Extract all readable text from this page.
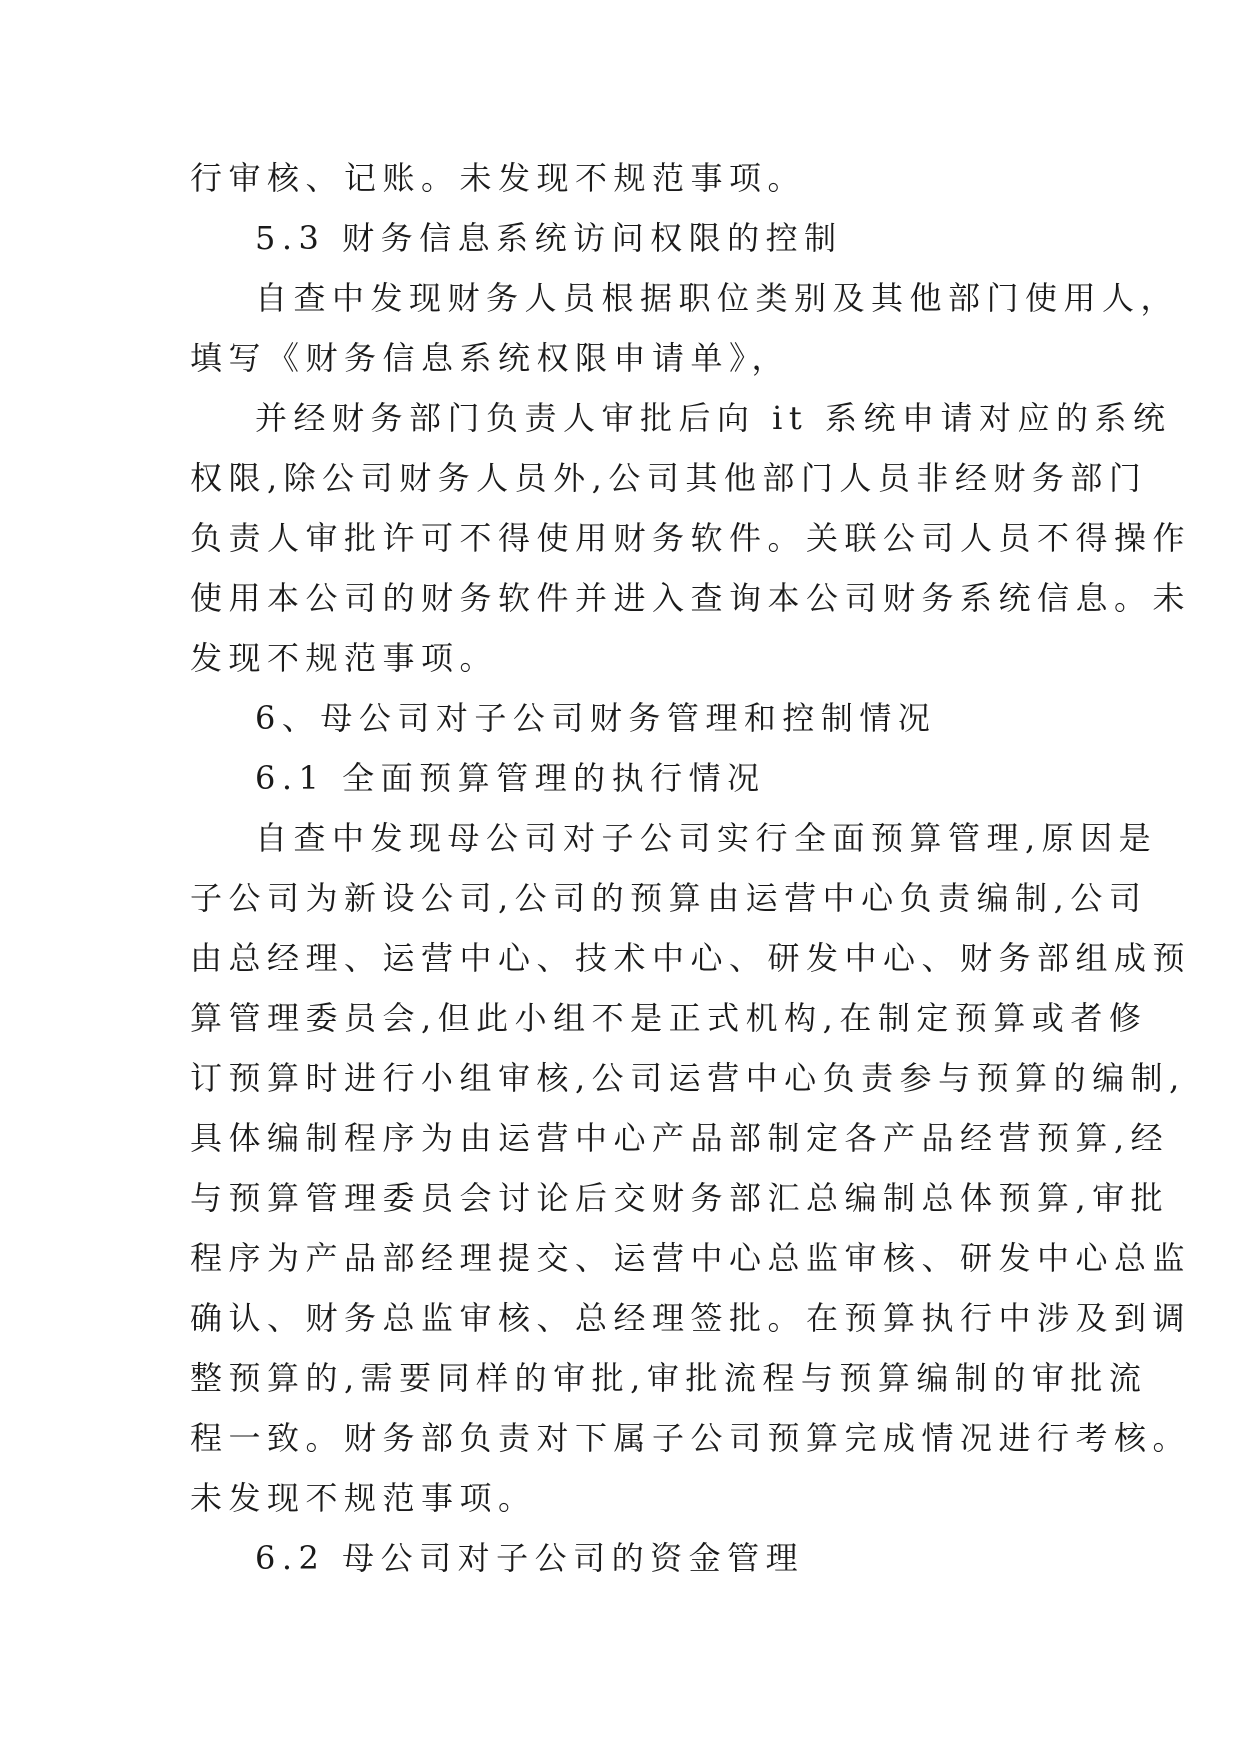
行审核、记账。未发现不规范事项。
5.3 财务信息系统访问权限的控制
自查中发现财务人员根据职位类别及其他部门使用人，
填写《财务信息系统权限申请单》，
并经财务部门负责人审批后向 it 系统申请对应的系统
权限,除公司财务人员外,公司其他部门人员非经财务部门
负责人审批许可不得使用财务软件。关联公司人员不得操作
使用本公司的财务软件并进入查询本公司财务系统信息。未
发现不规范事项。
6、母公司对子公司财务管理和控制情况
6.1 全面预算管理的执行情况
自查中发现母公司对子公司实行全面预算管理,原因是
子公司为新设公司,公司的预算由运营中心负责编制,公司
由总经理、运营中心、技术中心、研发中心、财务部组成预
算管理委员会,但此小组不是正式机构,在制定预算或者修
订预算时进行小组审核,公司运营中心负责参与预算的编制,
具体编制程序为由运营中心产品部制定各产品经营预算,经
与预算管理委员会讨论后交财务部汇总编制总体预算,审批
程序为产品部经理提交、运营中心总监审核、研发中心总监
确认、财务总监审核、总经理签批。在预算执行中涉及到调
整预算的,需要同样的审批,审批流程与预算编制的审批流
程一致。财务部负责对下属子公司预算完成情况进行考核。
未发现不规范事项。
6.2 母公司对子公司的资金管理
